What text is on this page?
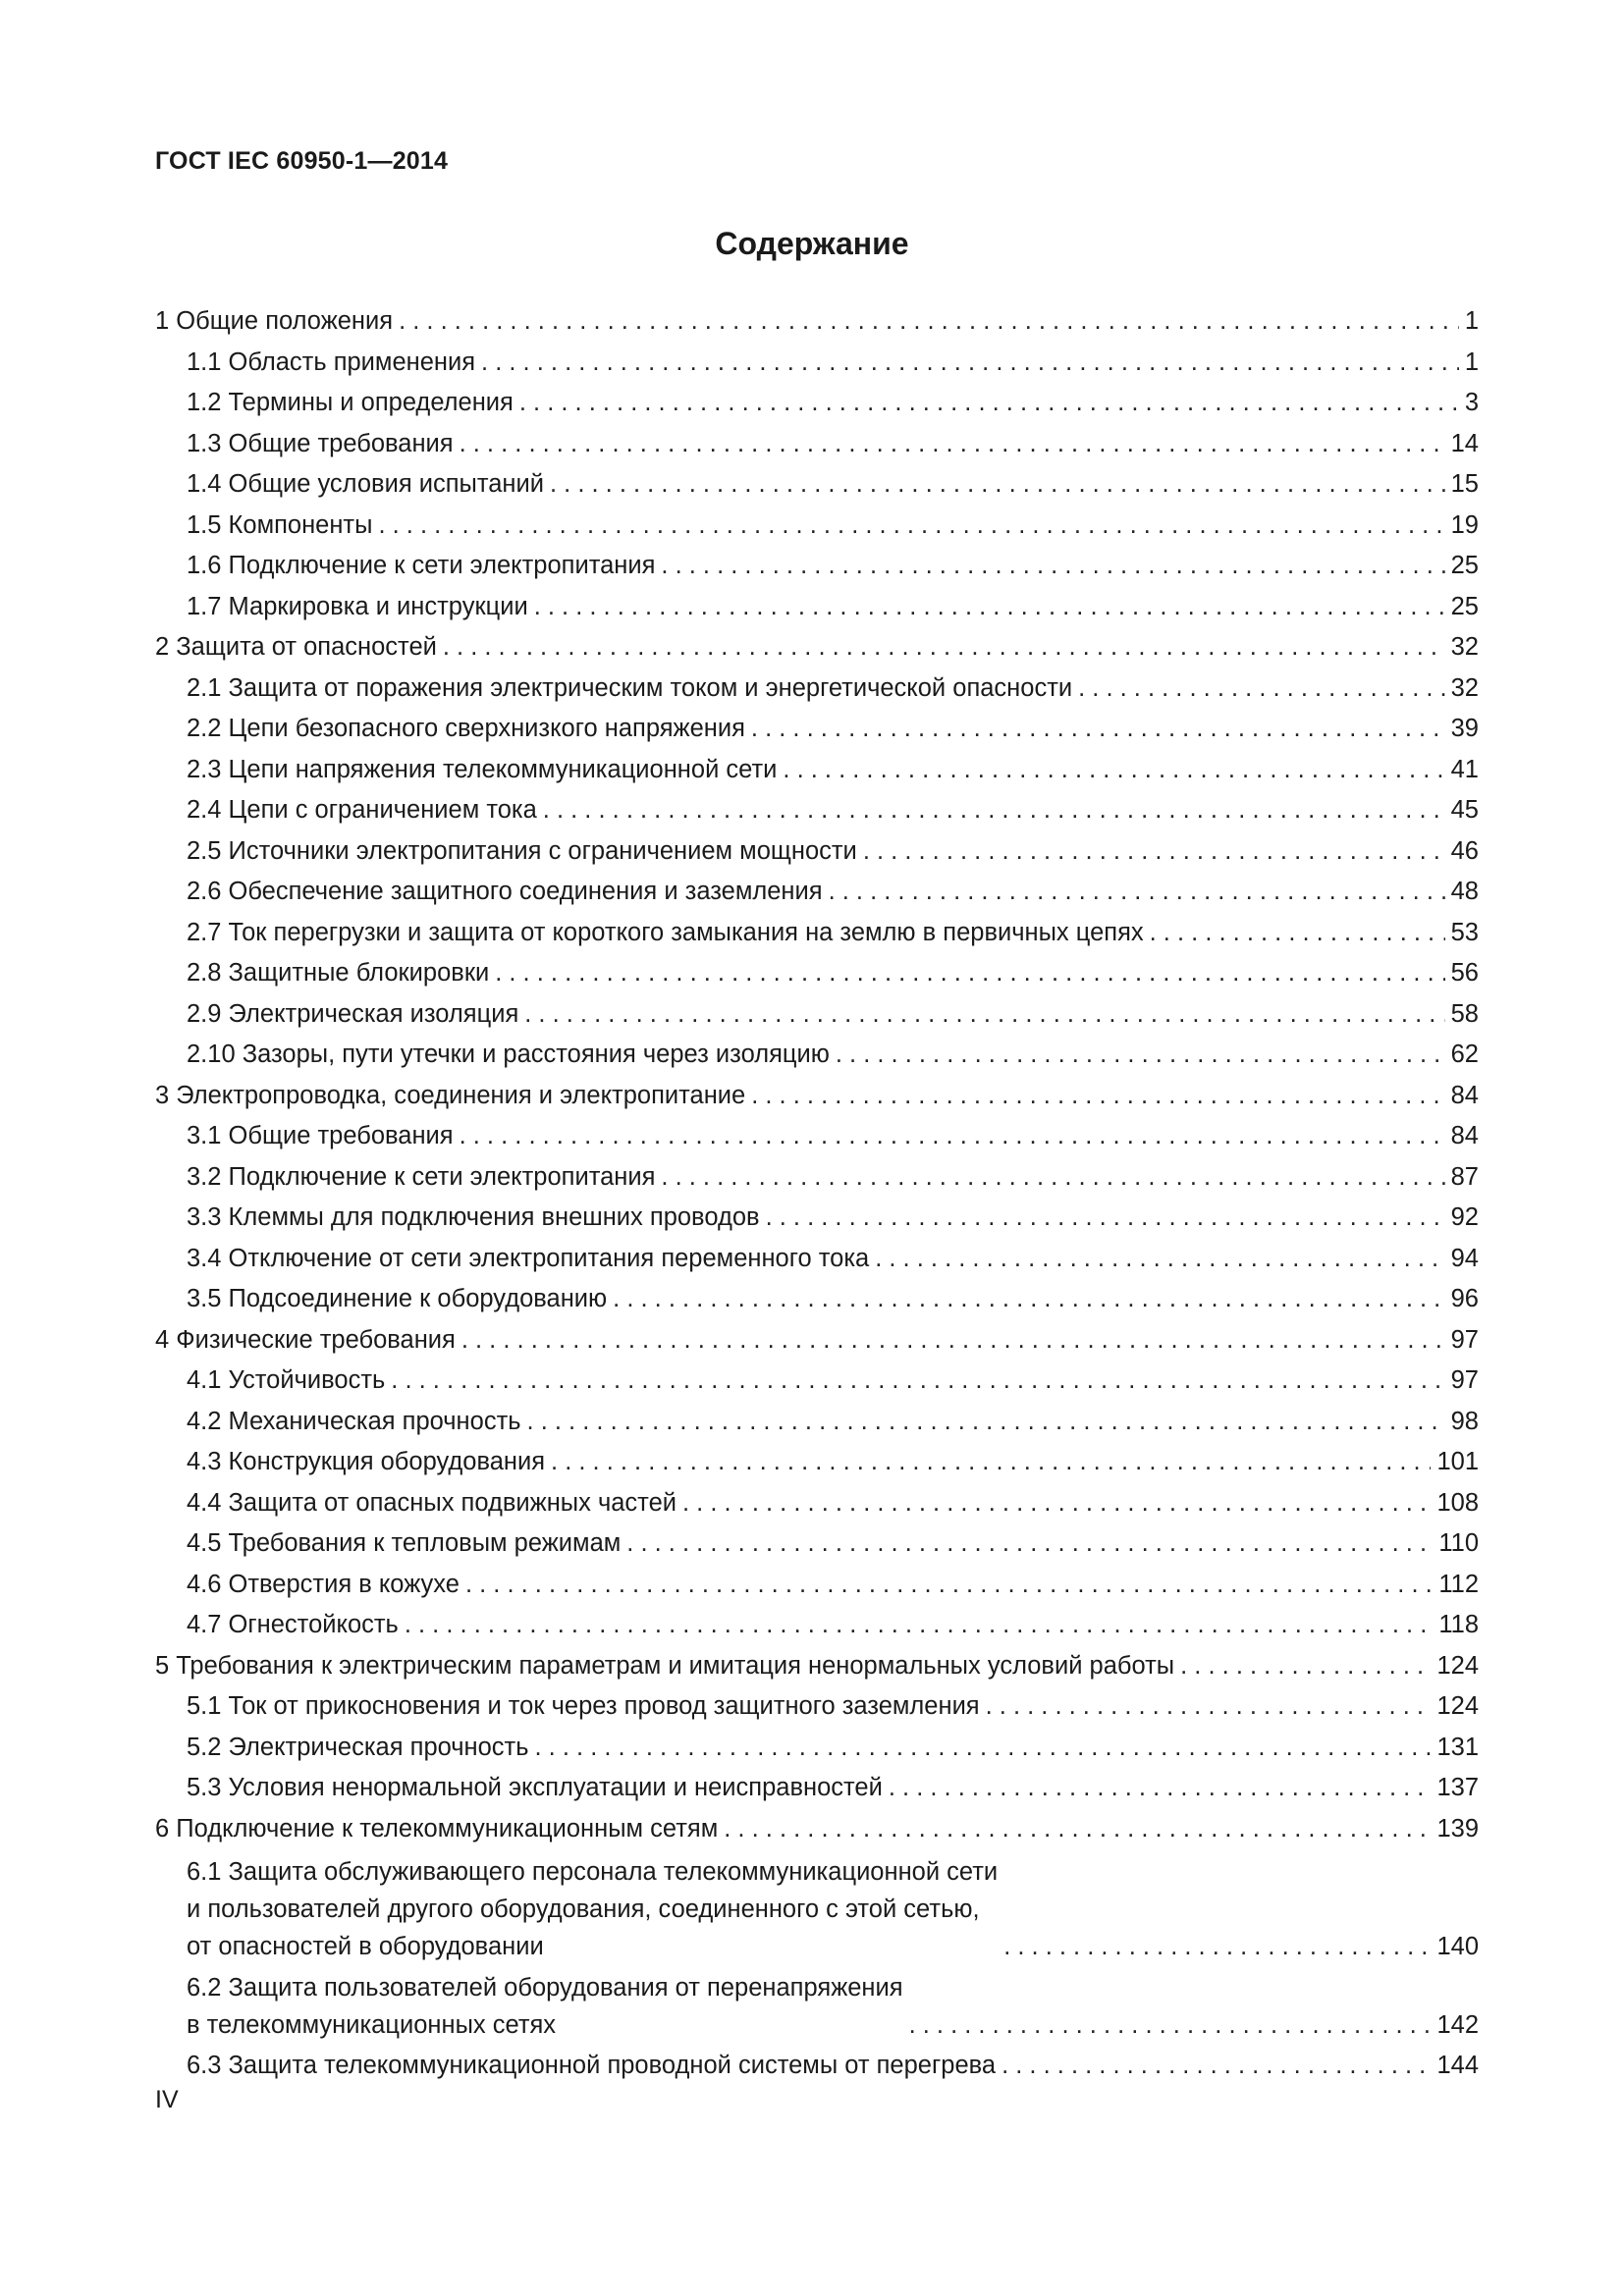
ГОСТ IEC 60950-1—2014
Содержание
1 Общие положения . . .	1
1.1 Область применения . . .	1
1.2 Термины и определения . . .	3
1.3 Общие требования . . .	14
1.4 Общие условия испытаний . . .	15
1.5 Компоненты . . .	19
1.6 Подключение к сети электропитания . . .	25
1.7 Маркировка и инструкции . . .	25
2 Защита от опасностей . . .	32
2.1 Защита от поражения электрическим током и энергетической опасности . . .	32
2.2 Цепи безопасного сверхнизкого напряжения . . .	39
2.3 Цепи напряжения телекоммуникационной сети . . .	41
2.4 Цепи с ограничением тока . . .	45
2.5 Источники электропитания с ограничением мощности . . .	46
2.6 Обеспечение защитного соединения и заземления . . .	48
2.7 Ток перегрузки и защита от короткого замыкания на землю в первичных цепях . . .	53
2.8 Защитные блокировки . . .	56
2.9 Электрическая изоляция . . .	58
2.10 Зазоры, пути утечки и расстояния через изоляцию . . .	62
3 Электропроводка, соединения и электропитание . . .	84
3.1 Общие требования . . .	84
3.2 Подключение к сети электропитания . . .	87
3.3 Клеммы для подключения внешних проводов . . .	92
3.4 Отключение от сети электропитания переменного тока . . .	94
3.5 Подсоединение к оборудованию . . .	96
4 Физические требования . . .	97
4.1 Устойчивость . . .	97
4.2 Механическая прочность . . .	98
4.3 Конструкция оборудования . . .	101
4.4 Защита от опасных подвижных частей . . .	108
4.5 Требования к тепловым режимам . . .	110
4.6 Отверстия в кожухе . . .	112
4.7 Огнестойкость . . .	118
5 Требования к электрическим параметрам и имитация ненормальных условий работы . . .	124
5.1 Ток от прикосновения и ток через провод защитного заземления . . .	124
5.2 Электрическая прочность . . .	131
5.3 Условия ненормальной эксплуатации и неисправностей . . .	137
6 Подключение к телекоммуникационным сетям . . .	139
6.1 Защита обслуживающего персонала телекоммуникационной сети
и пользователей другого оборудования, соединенного с этой сетью,
от опасностей в оборудовании . . .	140
6.2 Защита пользователей оборудования от перенапряжения
в телекоммуникационных сетях . . .	142
6.3 Защита телекоммуникационной проводной системы от перегрева . . .	144
IV
